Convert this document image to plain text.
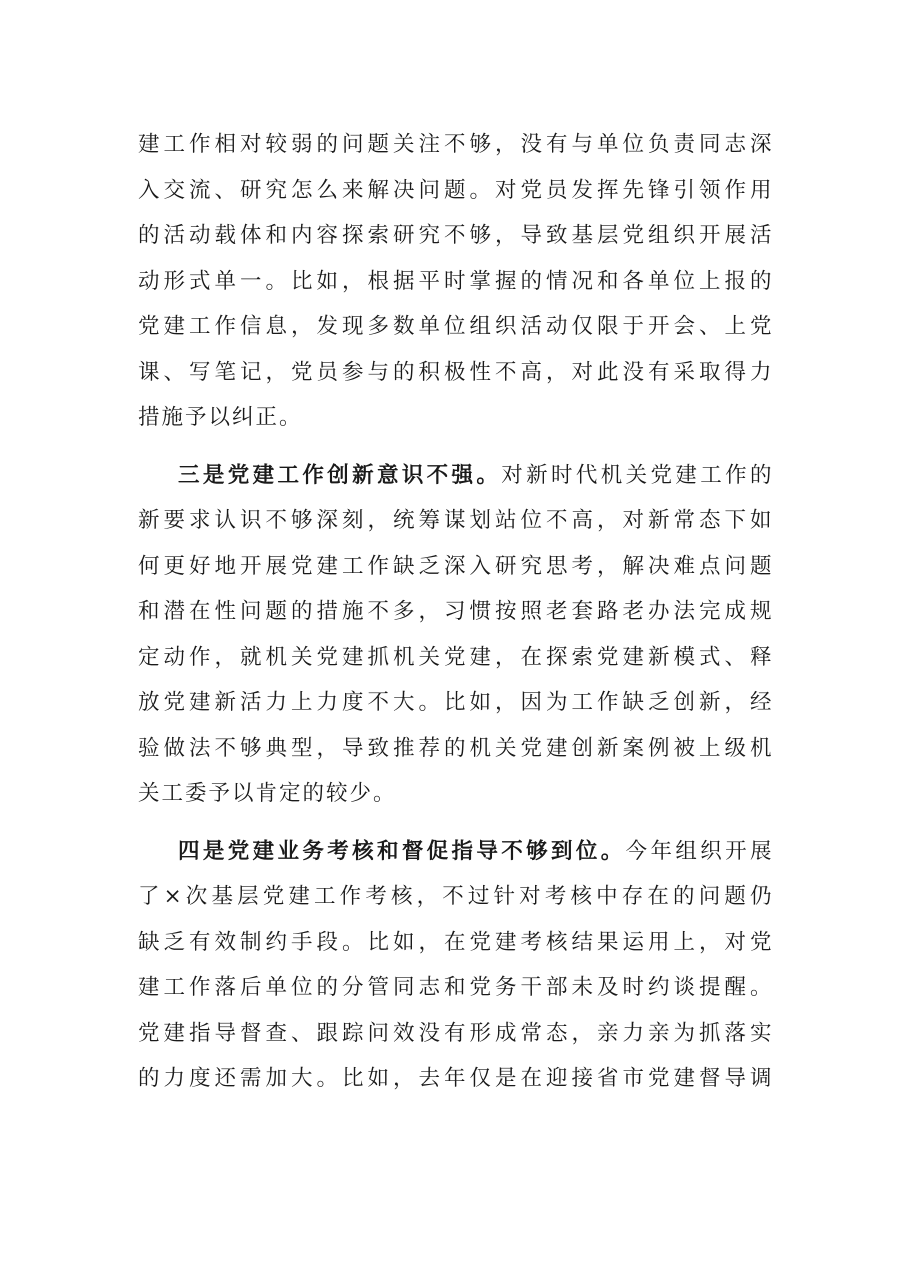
建工作相对较弱的问题关注不够，没有与单位负责同志深
入交流、研究怎么来解决问题。对党员发挥先锋引领作用
的活动载体和内容探索研究不够，导致基层党组织开展活
动形式单一。比如，根据平时掌握的情况和各单位上报的
党建工作信息，发现多数单位组织活动仅限于开会、上党
课、写笔记，党员参与的积极性不高，对此没有采取得力
措施予以纠正。
三是党建工作创新意识不强。对新时代机关党建工作的
新要求认识不够深刻，统筹谋划站位不高，对新常态下如
何更好地开展党建工作缺乏深入研究思考，解决难点问题
和潜在性问题的措施不多，习惯按照老套路老办法完成规
定动作，就机关党建抓机关党建，在探索党建新模式、释
放党建新活力上力度不大。比如，因为工作缺乏创新，经
验做法不够典型，导致推荐的机关党建创新案例被上级机
关工委予以肯定的较少。
四是党建业务考核和督促指导不够到位。今年组织开展
了×次基层党建工作考核，不过针对考核中存在的问题仍
缺乏有效制约手段。比如，在党建考核结果运用上，对党
建工作落后单位的分管同志和党务干部未及时约谈提醒。
党建指导督查、跟踪问效没有形成常态，亲力亲为抓落实
的力度还需加大。比如，去年仅是在迎接省市党建督导调
